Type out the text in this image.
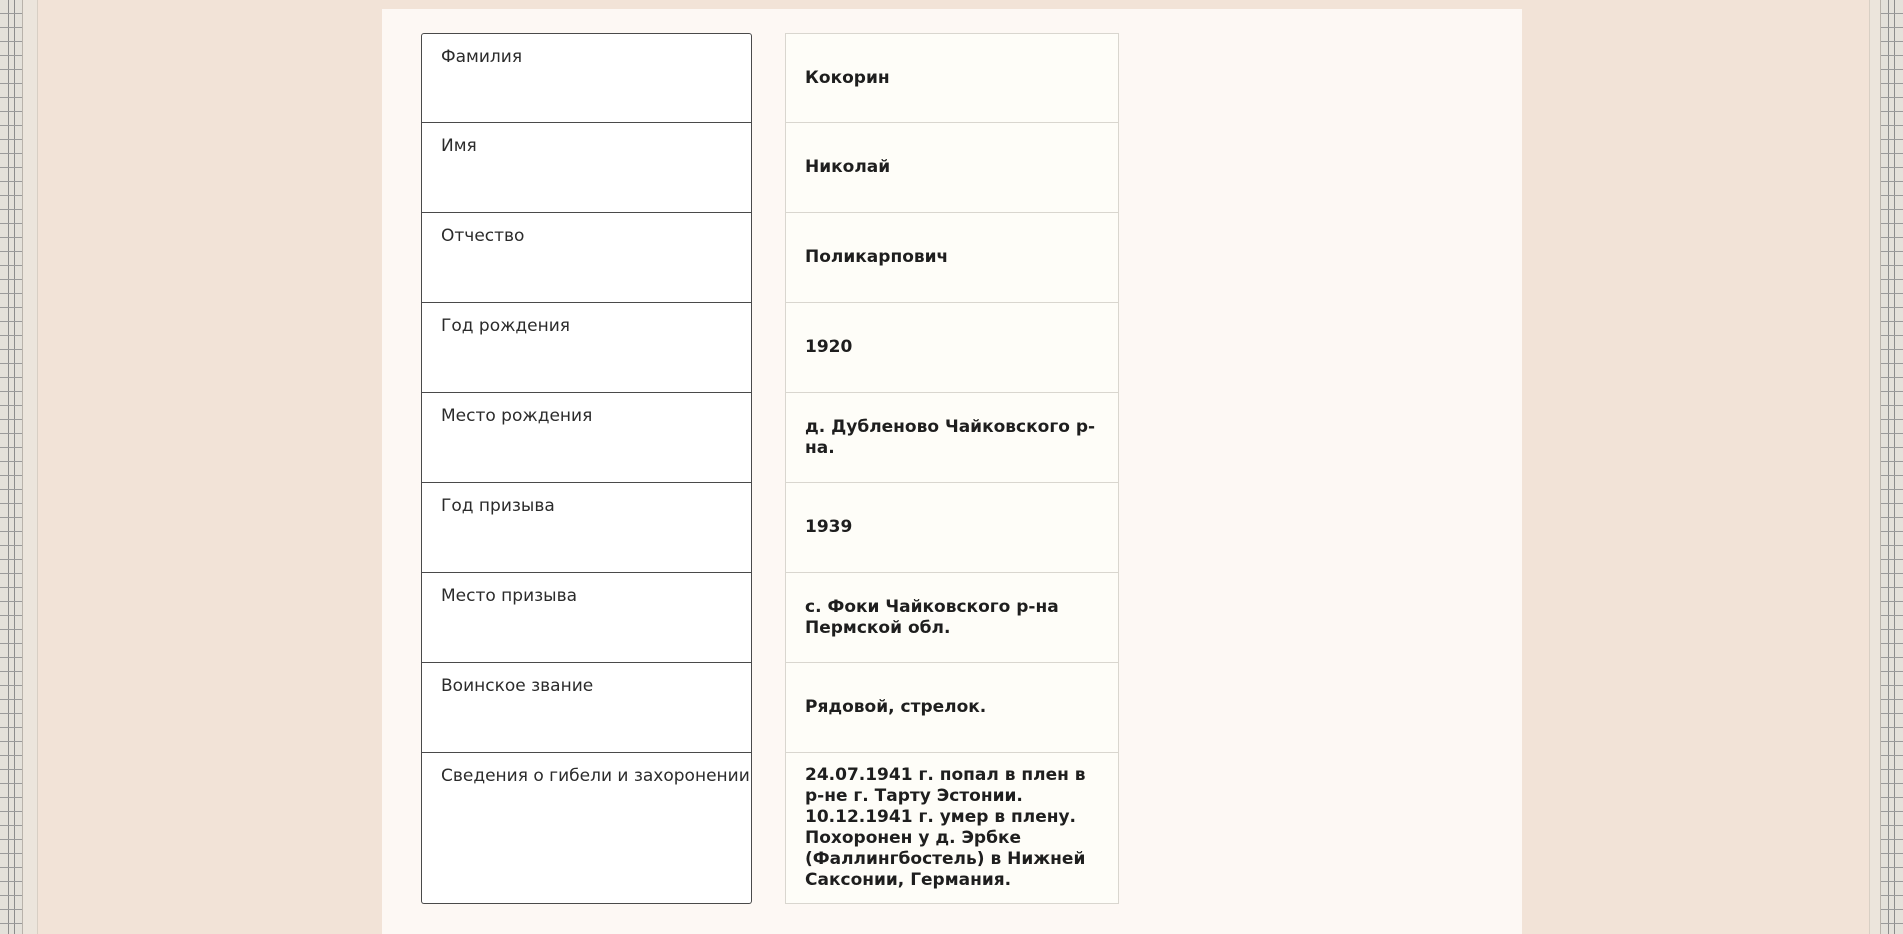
Фамилия
Кокорин
Имя
Николай
Отчество
Поликарпович
Год рождения
1920
Место рождения
д. Дубленово Чайковского р-на.
Год призыва
1939
Место призыва
с. Фоки Чайковского р-на Пермской обл.
Воинское звание
Рядовой, стрелок.
Сведения о гибели и захоронении	24.07.1941 г. попал в плен в р-не г. Тарту Эстонии. 10.12.1941 г. умер в плену. Похоронен у д. Эрбке (Фаллингбостель) в Нижней Саксонии, Германия.
